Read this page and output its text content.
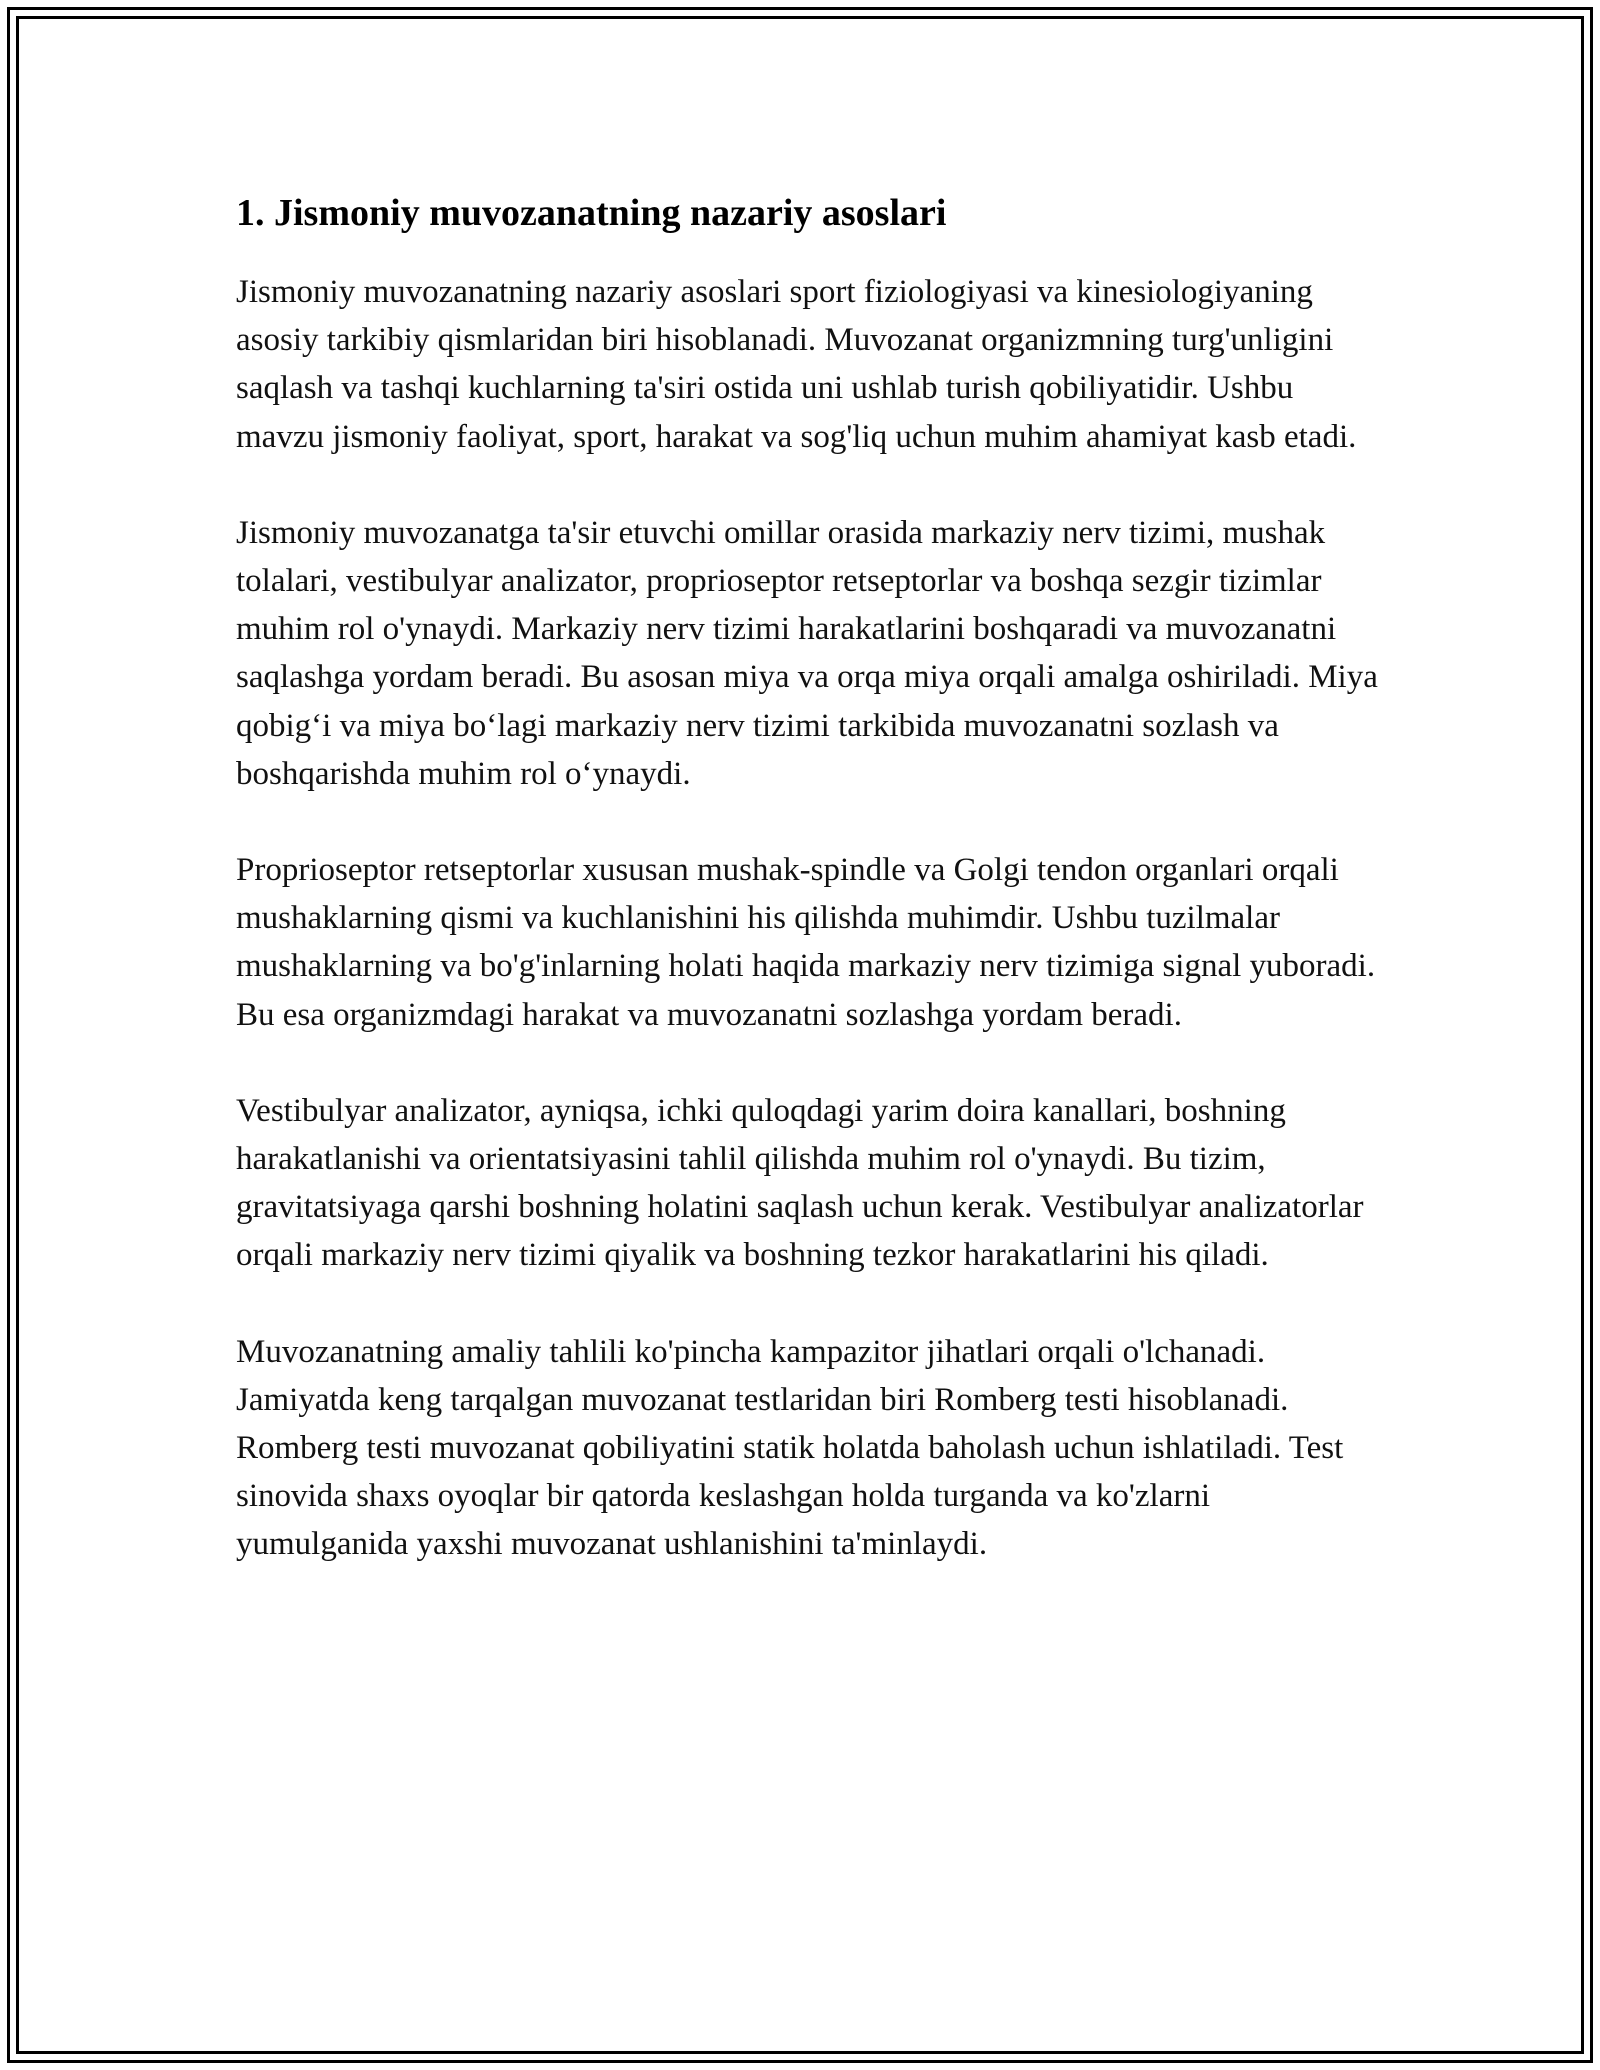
1. Jismoniy muvozanatning nazariy asoslari

Jismoniy muvozanatning nazariy asoslari sport fiziologiyasi va kinesiologiyaning asosiy tarkibiy qismlaridan biri hisoblanadi. Muvozanat organizmning turg'unligini saqlash va tashqi kuchlarning ta'siri ostida uni ushlab turish qobiliyatidir. Ushbu mavzu jismoniy faoliyat, sport, harakat va sog'liq uchun muhim ahamiyat kasb etadi.

Jismoniy muvozanatga ta'sir etuvchi omillar orasida markaziy nerv tizimi, mushak tolalari, vestibulyar analizator, proprioseptor retseptorlar va boshqa sezgir tizimlar muhim rol o'ynaydi. Markaziy nerv tizimi harakatlarini boshqaradi va muvozanatni saqlashga yordam beradi. Bu asosan miya va orqa miya orqali amalga oshiriladi. Miya qobig‘i va miya bo‘lagi markaziy nerv tizimi tarkibida muvozanatni sozlash va boshqarishda muhim rol o‘ynaydi.

Proprioseptor retseptorlar xususan mushak-spindle va Golgi tendon organlari orqali mushaklarning qismi va kuchlanishini his qilishda muhimdir. Ushbu tuzilmalar mushaklarning va bo'g'inlarning holati haqida markaziy nerv tizimiga signal yuboradi. Bu esa organizmdagi harakat va muvozanatni sozlashga yordam beradi.

Vestibulyar analizator, ayniqsa, ichki quloqdagi yarim doira kanallari, boshning harakatlanishi va orientatsiyasini tahlil qilishda muhim rol o'ynaydi. Bu tizim, gravitatsiyaga qarshi boshning holatini saqlash uchun kerak. Vestibulyar analizatorlar orqali markaziy nerv tizimi qiyalik va boshning tezkor harakatlarini his qiladi.

Muvozanatning amaliy tahlili ko'pincha kampazitor jihatlari orqali o'lchanadi. Jamiyatda keng tarqalgan muvozanat testlaridan biri Romberg testi hisoblanadi. Romberg testi muvozanat qobiliyatini statik holatda baholash uchun ishlatiladi. Test sinovida shaxs oyoqlar bir qatorda keslashgan holda turganda va ko'zlarni yumulganida yaxshi muvozanat ushlanishini ta'minlaydi.
